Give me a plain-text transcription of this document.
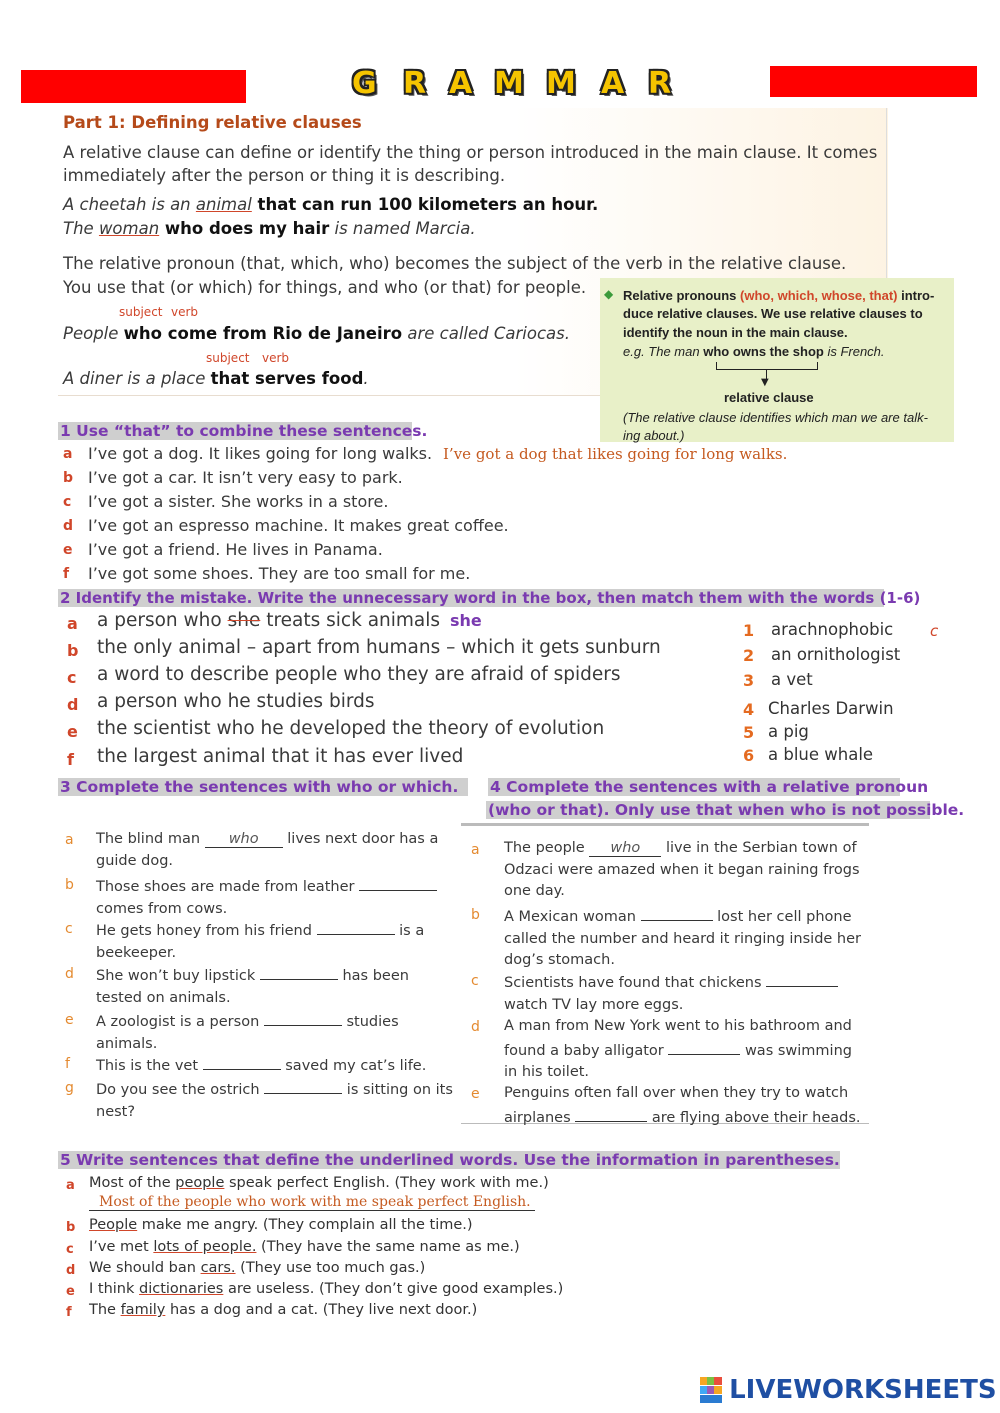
G R A M M A R
Part 1: Defining relative clauses
A relative clause can define or identify the thing or person introduced in the main clause. It comes
immediately after the person or thing it is describing.
A cheetah is an animal that can run 100 kilometers an hour.
The woman who does my hair is named Marcia.
The relative pronoun (that, which, who) becomes the subject of the verb in the relative clause.
You use that (or which) for things, and who (or that) for people.
subject verb
People who come from Rio de Janeiro are called Cariocas.
subject verb
A diner is a place that serves food.
◆ Relative pronouns (who, which, whose, that) intro-
duce relative clauses. We use relative clauses to
identify the noun in the main clause.
e.g. The man who owns the shop is French.
▼
relative clause
(The relative clause identifies which man we are talk-
ing about.)
1 Use “that” to combine these sentences.
a I’ve got a dog. It likes going for long walks. I’ve got a dog that likes going for long walks.
b I’ve got a car. It isn’t very easy to park.
c I’ve got a sister. She works in a store.
d I’ve got an espresso machine. It makes great coffee.
e I’ve got a friend. He lives in Panama.
f I’ve got some shoes. They are too small for me.
2 Identify the mistake. Write the unnecessary word in the box, then match them with the words (1-6)
a a person who she treats sick animals she
b the only animal – apart from humans – which it gets sunburn
c a word to describe people who they are afraid of spiders
d a person who he studies birds
e the scientist who he developed the theory of evolution
f the largest animal that it has ever lived
1 arachnophobic c
2 an ornithologist
3 a vet
4 Charles Darwin
5 a pig
6 a blue whale
3 Complete the sentences with who or which.
a The blind man who lives next door has a guide dog.
b Those shoes are made from leather  comes from cows.
c He gets honey from his friend	is a beekeeper.
d She won’t buy lipstick	has been tested on animals.
e A zoologist is a person	studies animals.
f This is the vet	saved my cat’s life.
g Do you see the ostrich	is sitting on its nest?
4 Complete the sentences with a relative pronoun
(who or that). Only use that when who is not possible.
a The people who live in the Serbian town of Odzaci were amazed when it began raining frogs one day.
b A Mexican woman	lost her cell phone called the number and heard it ringing inside her dog’s stomach.
c Scientists have found that chickens  watch TV lay more eggs.
d A man from New York went to his bathroom and found a baby alligator	was swimming in his toilet.
e Penguins often fall over when they try to watch airplanes	are flying above their heads.
5 Write sentences that define the underlined words. Use the information in parentheses.
a Most of the people speak perfect English. (They work with me.)
Most of the people who work with me speak perfect English.
b People make me angry. (They complain all the time.)
c I’ve met lots of people. (They have the same name as me.)
d We should ban cars. (They use too much gas.)
e I think dictionaries are useless. (They don’t give good examples.)
f The family has a dog and a cat. (They live next door.)
LIVEWORKSHEETS
